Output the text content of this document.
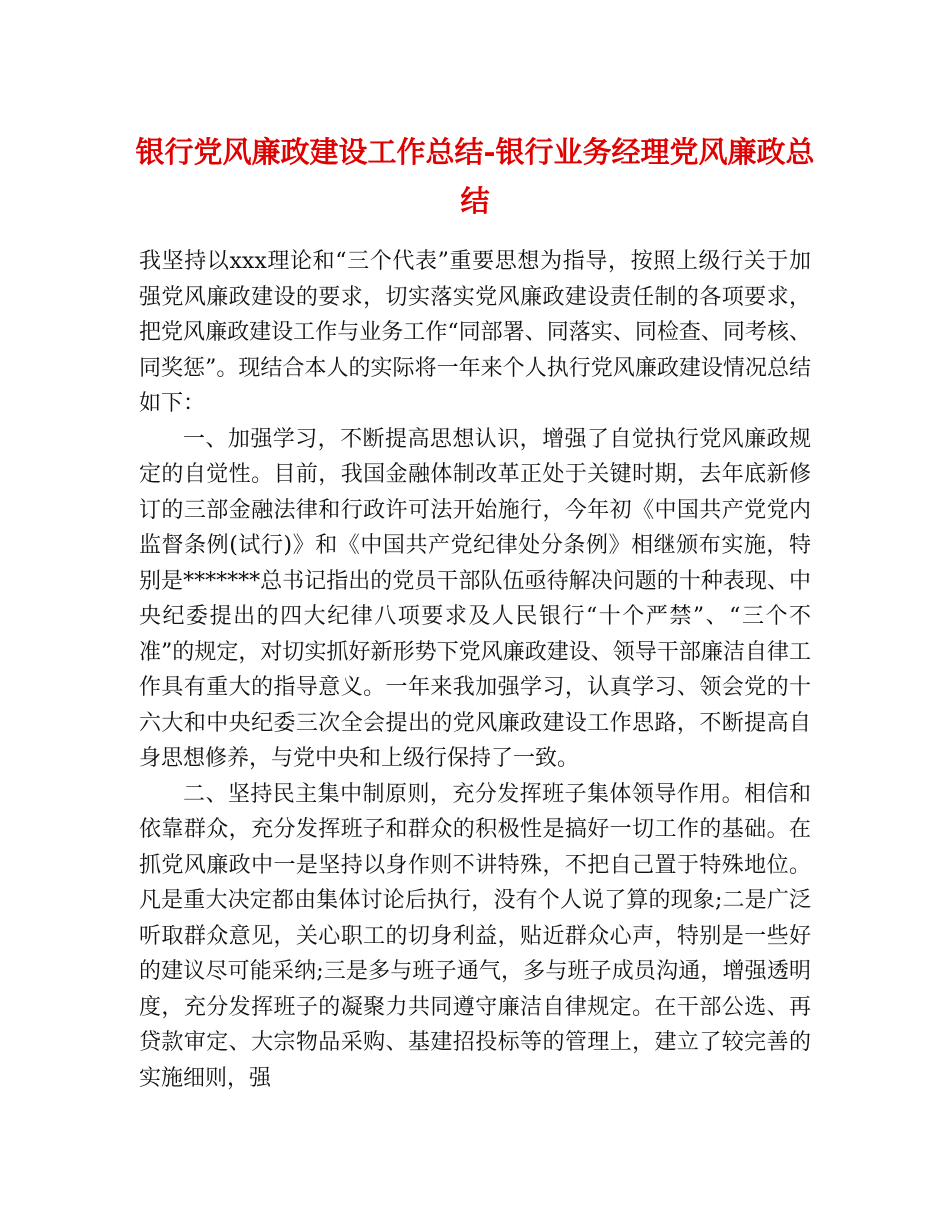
银行党风廉政建设工作总结-银行业务经理党风廉政总结

我坚持以xxx理论和“三个代表”重要思想为指导，按照上级行关于加强党风廉政建设的要求，切实落实党风廉政建设责任制的各项要求，把党风廉政建设工作与业务工作“同部署、同落实、同检查、同考核、同奖惩”。现结合本人的实际将一年来个人执行党风廉政建设情况总结如下：

一、加强学习，不断提高思想认识，增强了自觉执行党风廉政规定的自觉性。目前，我国金融体制改革正处于关键时期，去年底新修订的三部金融法律和行政许可法开始施行，今年初《中国共产党党内监督条例(试行)》和《中国共产党纪律处分条例》相继颁布实施，特别是*******总书记指出的党员干部队伍亟待解决问题的十种表现、中央纪委提出的四大纪律八项要求及人民银行“十个严禁”、“三个不准”的规定，对切实抓好新形势下党风廉政建设、领导干部廉洁自律工作具有重大的指导意义。一年来我加强学习，认真学习、领会党的十六大和中央纪委三次全会提出的党风廉政建设工作思路，不断提高自身思想修养，与党中央和上级行保持了一致。

二、坚持民主集中制原则，充分发挥班子集体领导作用。相信和依靠群众，充分发挥班子和群众的积极性是搞好一切工作的基础。在抓党风廉政中一是坚持以身作则不讲特殊，不把自己置于特殊地位。凡是重大决定都由集体讨论后执行，没有个人说了算的现象;二是广泛听取群众意见，关心职工的切身利益，贴近群众心声，特别是一些好的建议尽可能采纳;三是多与班子通气，多与班子成员沟通，增强透明度，充分发挥班子的凝聚力共同遵守廉洁自律规定。在干部公选、再贷款审定、大宗物品采购、基建招投标等的管理上，建立了较完善的实施细则，强
